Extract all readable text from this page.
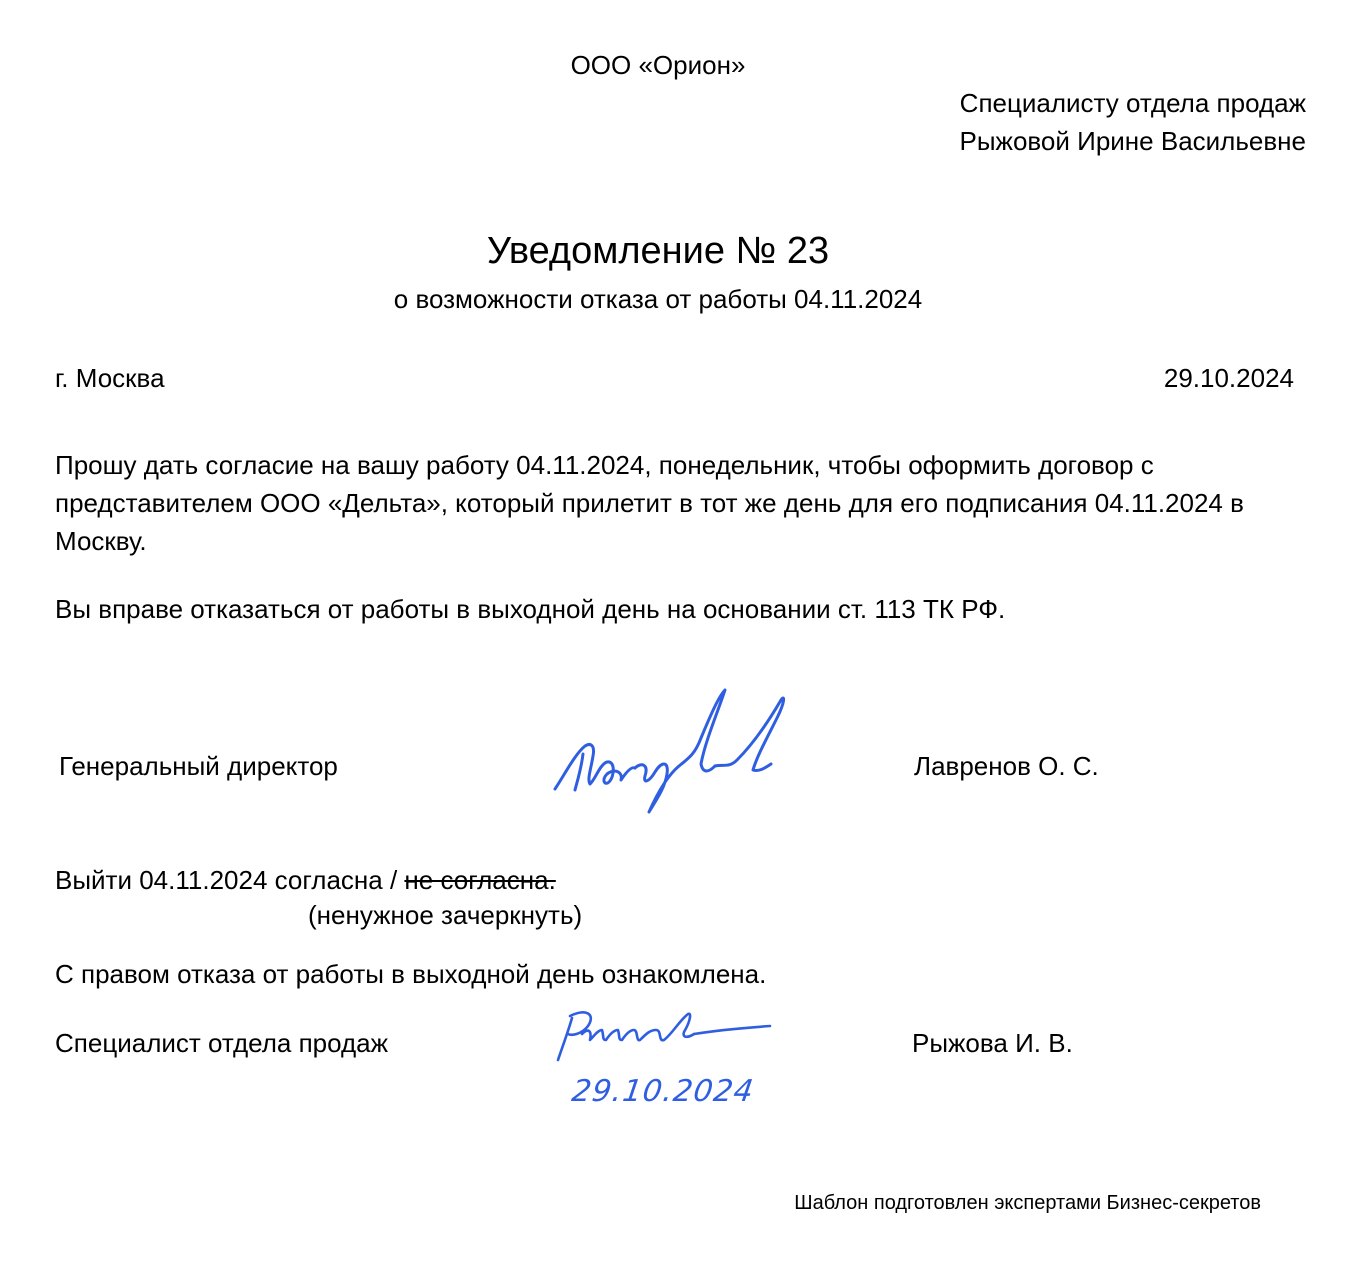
ООО «Орион»
Специалисту отдела продаж
Рыжовой Ирине Васильевне
Уведомление № 23
о возможности отказа от работы 04.11.2024
г. Москва	29.10.2024

Прошу дать согласие на вашу работу 04.11.2024, понедельник, чтобы оформить договор с представителем ООО «Дельта», который прилетит в тот же день для его подписания 04.11.2024 в Москву.

Вы вправе отказаться от работы в выходной день на основании ст. 113 ТК РФ.
Генеральный директор	Лавренов О. С.
Выйти 04.11.2024 согласна / не согласна.
(ненужное зачеркнуть)
С правом отказа от работы в выходной день ознакомлена.
Специалист отдела продаж
29.10.2024
Рыжова И. В.
Шаблон подготовлен экспертами Бизнес-секретов
